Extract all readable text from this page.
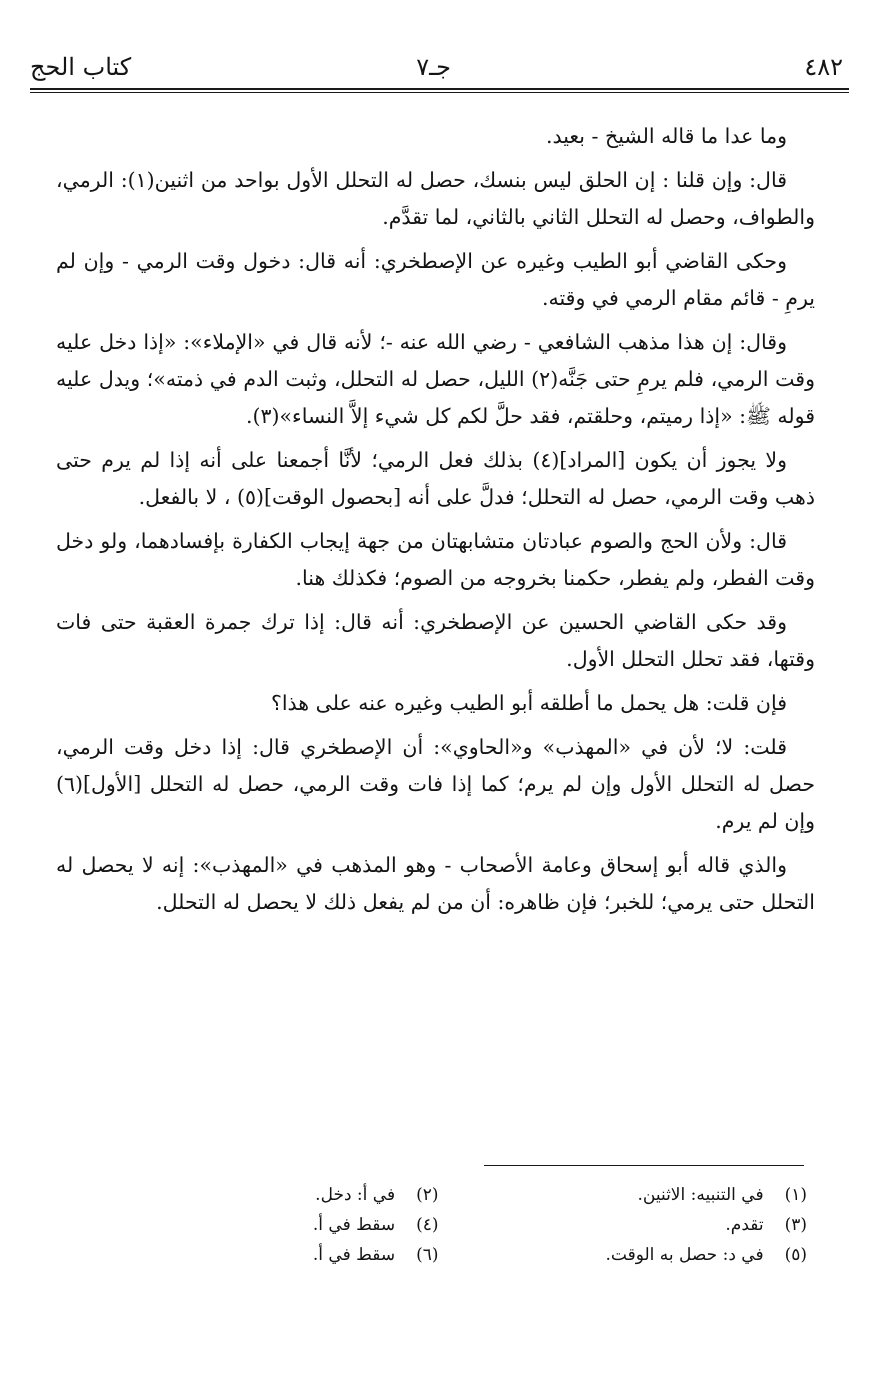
٤٨٢
جـ٧
كتاب الحج

وما عدا ما قاله الشيخ - بعيد.

قال: وإن قلنا : إن الحلق ليس بنسك، حصل له التحلل الأول بواحد من اثنين(١): الرمي، والطواف، وحصل له التحلل الثاني بالثاني، لما تقدَّم.

وحكى القاضي أبو الطيب وغيره عن الإصطخري: أنه قال: دخول وقت الرمي - وإن لم يرمِ - قائم مقام الرمي في وقته.

وقال: إن هذا مذهب الشافعي - رضي الله عنه -؛ لأنه قال في «الإملاء»: «إذا دخل عليه وقت الرمي، فلم يرمِ حتى جَنَّه(٢) الليل، حصل له التحلل، وثبت الدم في ذمته»؛ ويدل عليه قوله ﷺ: «إذا رميتم، وحلقتم، فقد حلَّ لكم كل شيء إلاَّ النساء»(٣).

ولا يجوز أن يكون [المراد](٤) بذلك فعل الرمي؛ لأنَّا أجمعنا على أنه إذا لم يرم حتى ذهب وقت الرمي، حصل له التحلل؛ فدلَّ على أنه [بحصول الوقت](٥) ، لا بالفعل.

قال: ولأن الحج والصوم عبادتان متشابهتان من جهة إيجاب الكفارة بإفسادهما، ولو دخل وقت الفطر، ولم يفطر، حكمنا بخروجه من الصوم؛ فكذلك هنا.

وقد حكى القاضي الحسين عن الإصطخري: أنه قال: إذا ترك جمرة العقبة حتى فات وقتها، فقد تحلل التحلل الأول.

فإن قلت: هل يحمل ما أطلقه أبو الطيب وغيره عنه على هذا؟

قلت: لا؛ لأن في «المهذب» و«الحاوي»: أن الإصطخري قال: إذا دخل وقت الرمي، حصل له التحلل الأول وإن لم يرم؛ كما إذا فات وقت الرمي، حصل له التحلل [الأول](٦) وإن لم يرم.

والذي قاله أبو إسحاق وعامة الأصحاب - وهو المذهب في «المهذب»: إنه لا يحصل له التحلل حتى يرمي؛ للخبر؛ فإن ظاهره: أن من لم يفعل ذلك لا يحصل له التحلل.

(١) في التنبيه: الاثنين.
(٢) في أ: دخل.
(٣) تقدم.
(٤) سقط في أ.
(٥) في د: حصل به الوقت.
(٦) سقط في أ.
